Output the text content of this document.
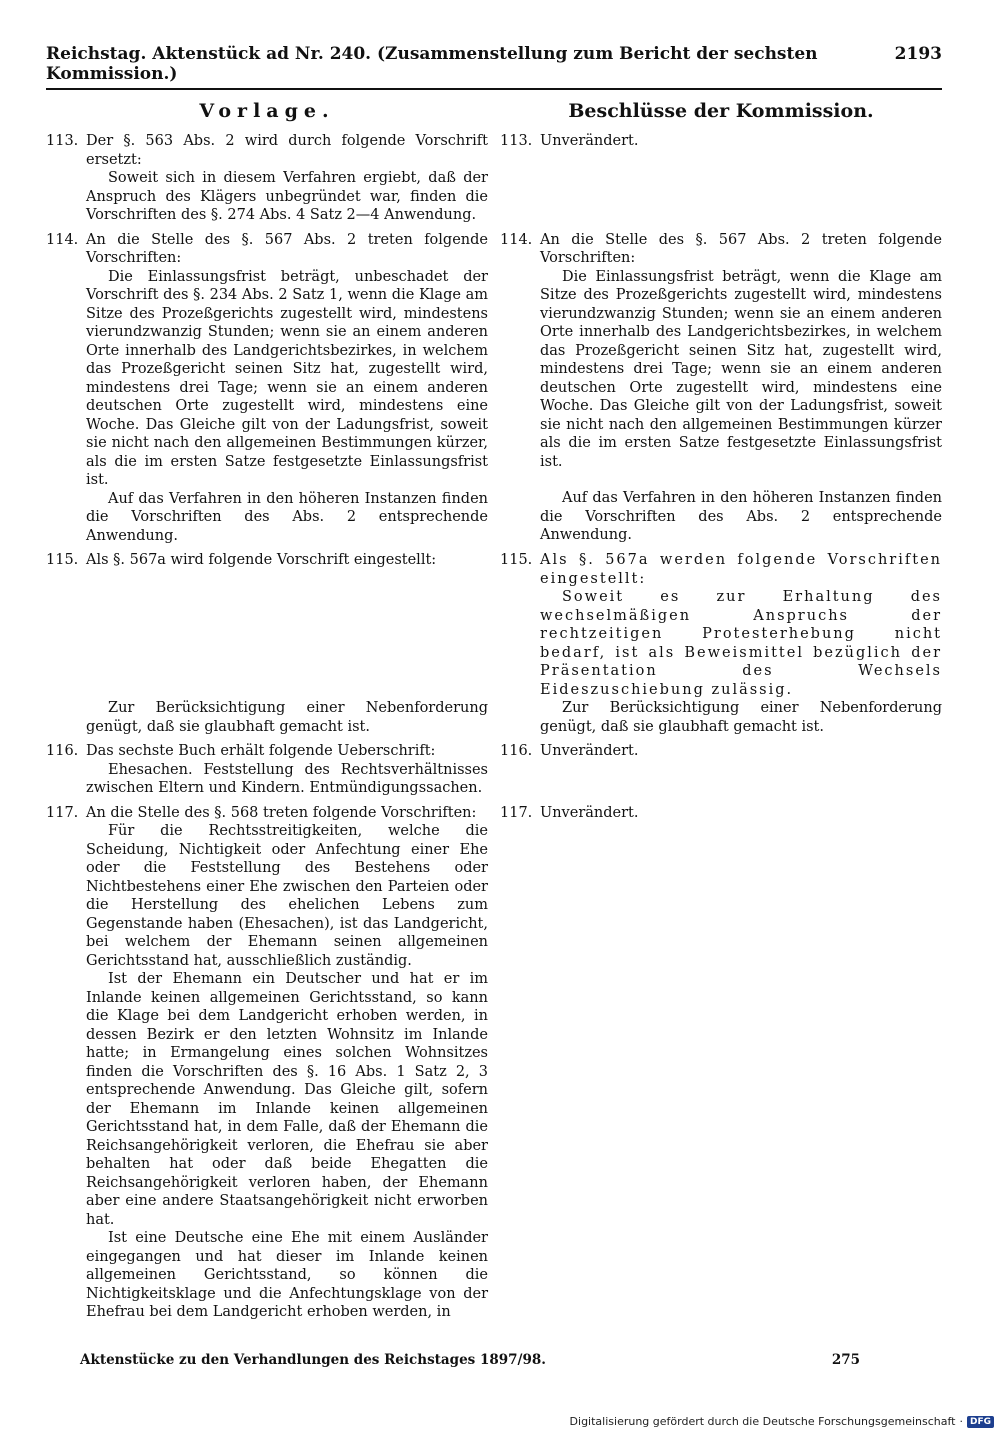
Reichstag. Aktenstück ad Nr. 240. (Zusammenstellung zum Bericht der sechsten Kommission.)
2193
Vorlage.	Beschlüsse der Kommission.

113. Der §. 563 Abs. 2 wird durch folgende Vorschrift ersetzt:

Soweit sich in diesem Verfahren ergiebt, daß der Anspruch des Klägers unbegründet war, finden die Vorschriften des §. 274 Abs. 4 Satz 2—4 Anwendung.

113. Unverändert.

114. An die Stelle des §. 567 Abs. 2 treten folgende Vorschriften:

Die Einlassungsfrist beträgt, unbeschadet der Vorschrift des §. 234 Abs. 2 Satz 1, wenn die Klage am Sitze des Prozeßgerichts zugestellt wird, mindestens vierundzwanzig Stunden; wenn sie an einem anderen Orte innerhalb des Landgerichtsbezirkes, in welchem das Prozeßgericht seinen Sitz hat, zugestellt wird, mindestens drei Tage; wenn sie an einem anderen deutschen Orte zugestellt wird, mindestens eine Woche. Das Gleiche gilt von der Ladungsfrist, soweit sie nicht nach den allgemeinen Bestimmungen kürzer, als die im ersten Satze festgesetzte Einlassungsfrist ist.

Auf das Verfahren in den höheren Instanzen finden die Vorschriften des Abs. 2 entsprechende Anwendung.

114. An die Stelle des §. 567 Abs. 2 treten folgende Vorschriften:

Die Einlassungsfrist beträgt, wenn die Klage am Sitze des Prozeßgerichts zugestellt wird, mindestens vierundzwanzig Stunden; wenn sie an einem anderen Orte innerhalb des Landgerichtsbezirkes, in welchem das Prozeßgericht seinen Sitz hat, zugestellt wird, mindestens drei Tage; wenn sie an einem anderen deutschen Orte zugestellt wird, mindestens eine Woche. Das Gleiche gilt von der Ladungsfrist, soweit sie nicht nach den allgemeinen Bestimmungen kürzer als die im ersten Satze festgesetzte Einlassungsfrist ist.

Auf das Verfahren in den höheren Instanzen finden die Vorschriften des Abs. 2 entsprechende Anwendung.

115. Als §. 567a wird folgende Vorschrift eingestellt:

Zur Berücksichtigung einer Nebenforderung genügt, daß sie glaubhaft gemacht ist.

115. Als §. 567a werden folgende Vorschriften eingestellt:

Soweit es zur Erhaltung des wechselmäßigen Anspruchs der rechtzeitigen Protesterhebung nicht bedarf, ist als Beweismittel bezüglich der Präsentation des Wechsels Eideszuschiebung zulässig.

Zur Berücksichtigung einer Nebenforderung genügt, daß sie glaubhaft gemacht ist.

116. Das sechste Buch erhält folgende Ueberschrift:

Ehesachen. Feststellung des Rechtsverhältnisses zwischen Eltern und Kindern. Entmündigungssachen.

116. Unverändert.

117. An die Stelle des §. 568 treten folgende Vorschriften:

Für die Rechtsstreitigkeiten, welche die Scheidung, Nichtigkeit oder Anfechtung einer Ehe oder die Feststellung des Bestehens oder Nichtbestehens einer Ehe zwischen den Parteien oder die Herstellung des ehelichen Lebens zum Gegenstande haben (Ehesachen), ist das Landgericht, bei welchem der Ehemann seinen allgemeinen Gerichtsstand hat, ausschließlich zuständig.

Ist der Ehemann ein Deutscher und hat er im Inlande keinen allgemeinen Gerichtsstand, so kann die Klage bei dem Landgericht erhoben werden, in dessen Bezirk er den letzten Wohnsitz im Inlande hatte; in Ermangelung eines solchen Wohnsitzes finden die Vorschriften des §. 16 Abs. 1 Satz 2, 3 entsprechende Anwendung. Das Gleiche gilt, sofern der Ehemann im Inlande keinen allgemeinen Gerichtsstand hat, in dem Falle, daß der Ehemann die Reichsangehörigkeit verloren, die Ehefrau sie aber behalten hat oder daß beide Ehegatten die Reichsangehörigkeit verloren haben, der Ehemann aber eine andere Staatsangehörigkeit nicht erworben hat.

Ist eine Deutsche eine Ehe mit einem Ausländer eingegangen und hat dieser im Inlande keinen allgemeinen Gerichtsstand, so können die Nichtigkeitsklage und die Anfechtungsklage von der Ehefrau bei dem Landgericht erhoben werden, in

117. Unverändert.

Aktenstücke zu den Verhandlungen des Reichstages 1897/98.	275
Digitalisierung gefördert durch die Deutsche Forschungsgemeinschaft · DFG
